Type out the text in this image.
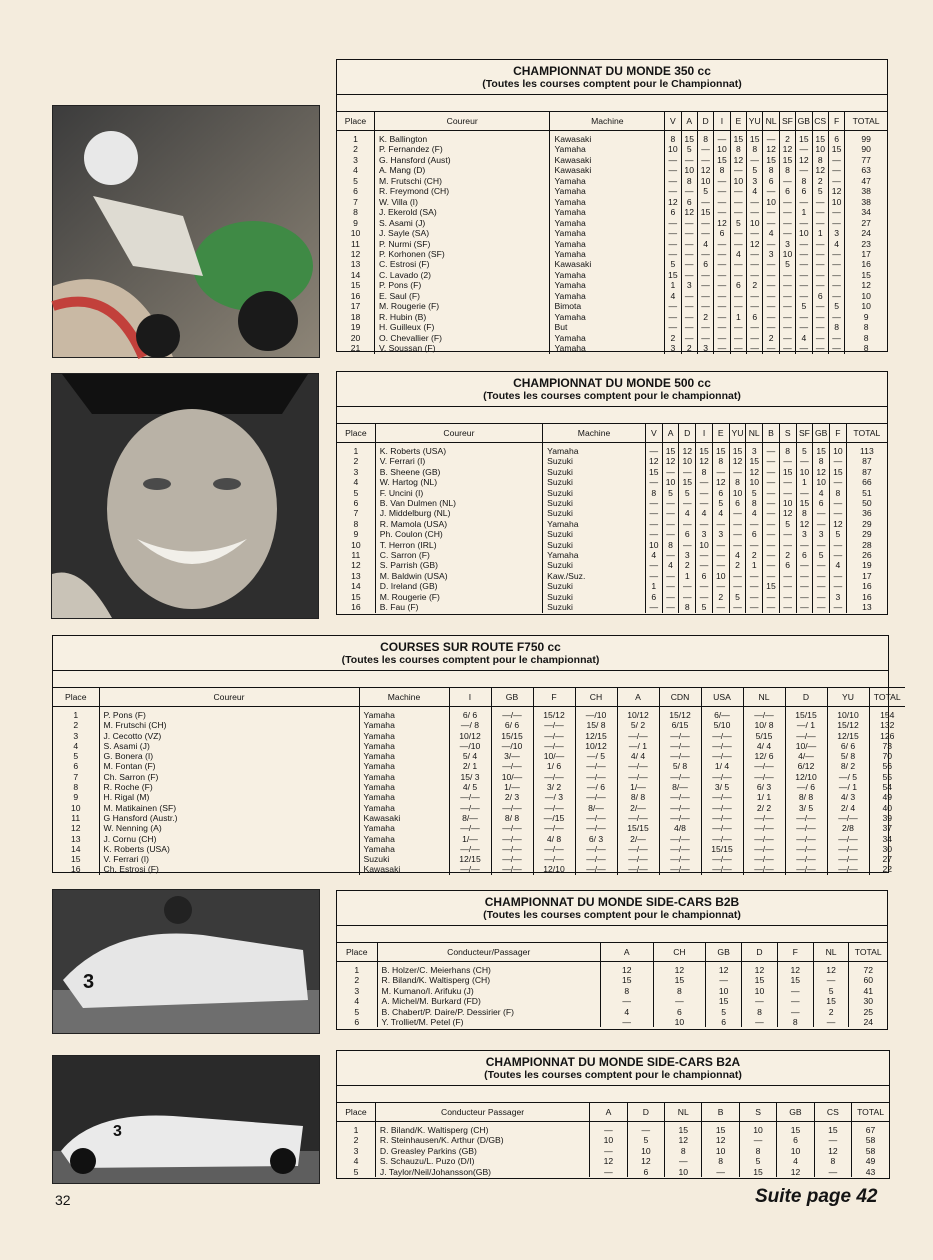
3
3
CHAMPIONNAT DU MONDE 350 cc
(Toutes les courses comptent pour le Championnat)
Place	Coureur	Machine	V	A	D	I	E	YU	NL	SF	GB	CS	F	TOTAL
1	K. Ballington	Kawasaki	8	15	8	—	15	15	—	2	15	15	6	99
2	P. Fernandez (F)	Yamaha	10	5	—	10	8	8	12	12	—	10	15	90
3	G. Hansford (Aust)	Kawasaki	—	—	—	15	12	—	15	15	12	8	—	77
4	A. Mang (D)	Kawasaki	—	10	12	8	—	5	8	8	—	12	—	63
5	M. Frutschi (CH)	Yamaha	—	8	10	—	10	3	6	—	8	2	—	47
6	R. Freymond (CH)	Yamaha	—	—	5	—	—	4	—	6	6	5	12	38
7	W. Villa (I)	Yamaha	12	6	—	—	—	—	10	—	—	—	10	38
8	J. Ekerold (SA)	Yamaha	6	12	15	—	—	—	—	—	1	—	—	34
9	S. Asami (J)	Yamaha	—	—	—	12	5	10	—	—	—	—	—	27
10	J. Sayle (SA)	Yamaha	—	—	—	6	—	—	4	—	10	1	3	24
11	P. Nurmi (SF)	Yamaha	—	—	4	—	—	12	—	3	—	—	4	23
12	P. Korhonen (SF)	Yamaha	—	—	—	—	4	—	3	10	—	—	—	17
13	C. Estrosi (F)	Kawasaki	5	—	6	—	—	—	—	5	—	—	—	16
14	C. Lavado (2)	Yamaha	15	—	—	—	—	—	—	—	—	—	—	15
15	P. Pons (F)	Yamaha	1	3	—	—	6	2	—	—	—	—	—	12
16	E. Saul (F)	Yamaha	4	—	—	—	—	—	—	—	—	6	—	10
17	M. Rougerie (F)	Bimota	—	—	—	—	—	—	—	—	5	—	5	10
18	R. Hubin (B)	Yamaha	—	—	2	—	1	6	—	—	—	—	—	9
19	H. Guilleux (F)	But	—	—	—	—	—	—	—	—	—	—	8	8
20	O. Chevallier (F)	Yamaha	2	—	—	—	—	—	2	—	4	—	—	8
21	V. Soussan (F)	Yamaha	3	2	3	—	—	—	—	—	—	—	—	8
CHAMPIONNAT DU MONDE 500 cc
(Toutes les courses comptent pour le championnat)
Place	Coureur	Machine	V	A	D	I	E	YU	NL	B	S	SF	GB	F	TOTAL
1	K. Roberts (USA)	Yamaha	—	15	12	15	15	15	3	—	8	5	15	10	113
2	V. Ferrari (I)	Suzuki	12	12	10	12	8	12	15	—	—	—	8	—	87
3	B. Sheene (GB)	Suzuki	15	—	—	8	—	—	12	—	15	10	12	15	87
4	W. Hartog (NL)	Suzuki	—	10	15	—	12	8	10	—	—	1	10	—	66
5	F. Uncini (I)	Suzuki	8	5	5	—	6	10	5	—	—	—	4	8	51
6	B. Van Dulmen (NL)	Suzuki	—	—	—	—	5	6	8	—	10	15	6	—	50
7	J. Middelburg (NL)	Suzuki	—	—	4	4	4	—	4	—	12	8	—	—	36
8	R. Mamola (USA)	Yamaha	—	—	—	—	—	—	—	—	5	12	—	12	29
9	Ph. Coulon (CH)	Suzuki	—	—	6	3	3	—	6	—	—	3	3	5	29
10	T. Herron (IRL)	Suzuki	10	8	—	10	—	—	—	—	—	—	—	—	28
11	C. Sarron (F)	Yamaha	4	—	3	—	—	4	2	—	2	6	5	—	26
12	S. Parrish (GB)	Suzuki	—	4	2	—	—	2	1	—	6	—	—	4	19
13	M. Baldwin (USA)	Kaw./Suz.	—	—	1	6	10	—	—	—	—	—	—	—	17
14	D. Ireland (GB)	Suzuki	1	—	—	—	—	—	—	15	—	—	—	—	16
15	M. Rougerie (F)	Suzuki	6	—	—	—	2	5	—	—	—	—	—	3	16
16	B. Fau (F)	Suzuki	—	—	8	5	—	—	—	—	—	—	—	—	13
COURSES SUR ROUTE F750 cc
(Toutes les courses comptent pour le championnat)
Place	Coureur	Machine	I	GB	F	CH	A	CDN	USA	NL	D	YU	TOTAL
1	P. Pons (F)	Yamaha	6/ 6	—/—	15/12	—/10	10/12	15/12	6/—	—/—	15/15	10/10	154
2	M. Frutschi (CH)	Yamaha	—/ 8	6/ 6	—/—	15/ 8	5/ 2	6/15	5/10	10/ 8	—/ 1	15/12	132
3	J. Cecotto (VZ)	Yamaha	10/12	15/15	—/—	12/15	—/—	—/—	—/—	5/15	—/—	12/15	126
4	S. Asami (J)	Yamaha	—/10	—/10	—/—	10/12	—/ 1	—/—	—/—	4/ 4	10/—	6/ 6	73
5	G. Bonera (I)	Yamaha	5/ 4	3/—	10/—	—/ 5	4/ 4	—/—	—/—	12/ 6	4/—	5/ 8	70
6	M. Fontan (F)	Yamaha	2/ 1	—/—	1/ 6	—/—	—/—	5/ 8	1/ 4	—/—	6/12	8/ 2	56
7	Ch. Sarron (F)	Yamaha	15/ 3	10/—	—/—	—/—	—/—	—/—	—/—	—/—	12/10	—/ 5	55
8	R. Roche (F)	Yamaha	4/ 5	1/—	3/ 2	—/ 6	1/—	8/—	3/ 5	6/ 3	—/ 6	—/ 1	54
9	H. Rigal (M)	Yamaha	—/—	2/ 3	—/ 3	—/—	8/ 8	—/—	—/—	1/ 1	8/ 8	4/ 3	49
10	M. Matikainen (SF)	Yamaha	—/—	—/—	—/—	8/—	2/—	—/—	—/—	2/ 2	3/ 5	2/ 4	40
11	G Hansford (Austr.)	Kawasaki	8/—	8/ 8	—/15	—/—	—/—	—/—	—/—	—/—	—/—	—/—	39
12	W. Nenning (A)	Yamaha	—/—	—/—	—/—	—/—	15/15	4/8	—/—	—/—	—/—	2/8	37
13	J. Cornu (CH)	Yamaha	1/—	—/—	4/ 8	6/ 3	2/—	—/—	—/—	—/—	—/—	—/—	34
14	K. Roberts (USA)	Yamaha	—/—	—/—	—/—	—/—	—/—	—/—	15/15	—/—	—/—	—/—	30
15	V. Ferrari (I)	Suzuki	12/15	—/—	—/—	—/—	—/—	—/—	—/—	—/—	—/—	—/—	27
16	Ch. Estrosi (F)	Kawasaki	—/—	—/—	12/10	—/—	—/—	—/—	—/—	—/—	—/—	—/—	22
CHAMPIONNAT DU MONDE SIDE-CARS B2B
(Toutes les courses comptent pour le championnat)
Place	Conducteur/Passager	A	CH	GB	D	F	NL	TOTAL
1	B. Holzer/C. Meierhans (CH)	12	12	12	12	12	12	72
2	R. Biland/K. Waltisperg (CH)	15	15	—	15	15	—	60
3	M. Kumano/I. Arifuku (J)	8	8	10	10	—	5	41
4	A. Michel/M. Burkard (FD)	—	—	15	—	—	15	30
5	B. Chabert/P. Daire/P. Dessirier (F)	4	6	5	8	—	2	25
6	Y. Trolliet/M. Petel (F)	—	10	6	—	8	—	24
CHAMPIONNAT DU MONDE SIDE-CARS B2A
(Toutes les courses comptent pour le championnat)
Place	Conducteur Passager	A	D	NL	B	S	GB	CS	TOTAL
1	R. Biland/K. Waltisperg (CH)	—	—	15	15	10	15	15	67
2	R. Steinhausen/K. Arthur (D/GB)	10	5	12	12	—	6	—	58
3	D. Greasley Parkins (GB)	—	10	8	10	8	10	12	58
4	S. Schauzu/L. Puzo (D/I)	12	12	—	8	5	4	8	49
5	J. Taylor/Neil/Johansson(GB)	—	6	10	—	15	12	—	43
32	Suite page 42
